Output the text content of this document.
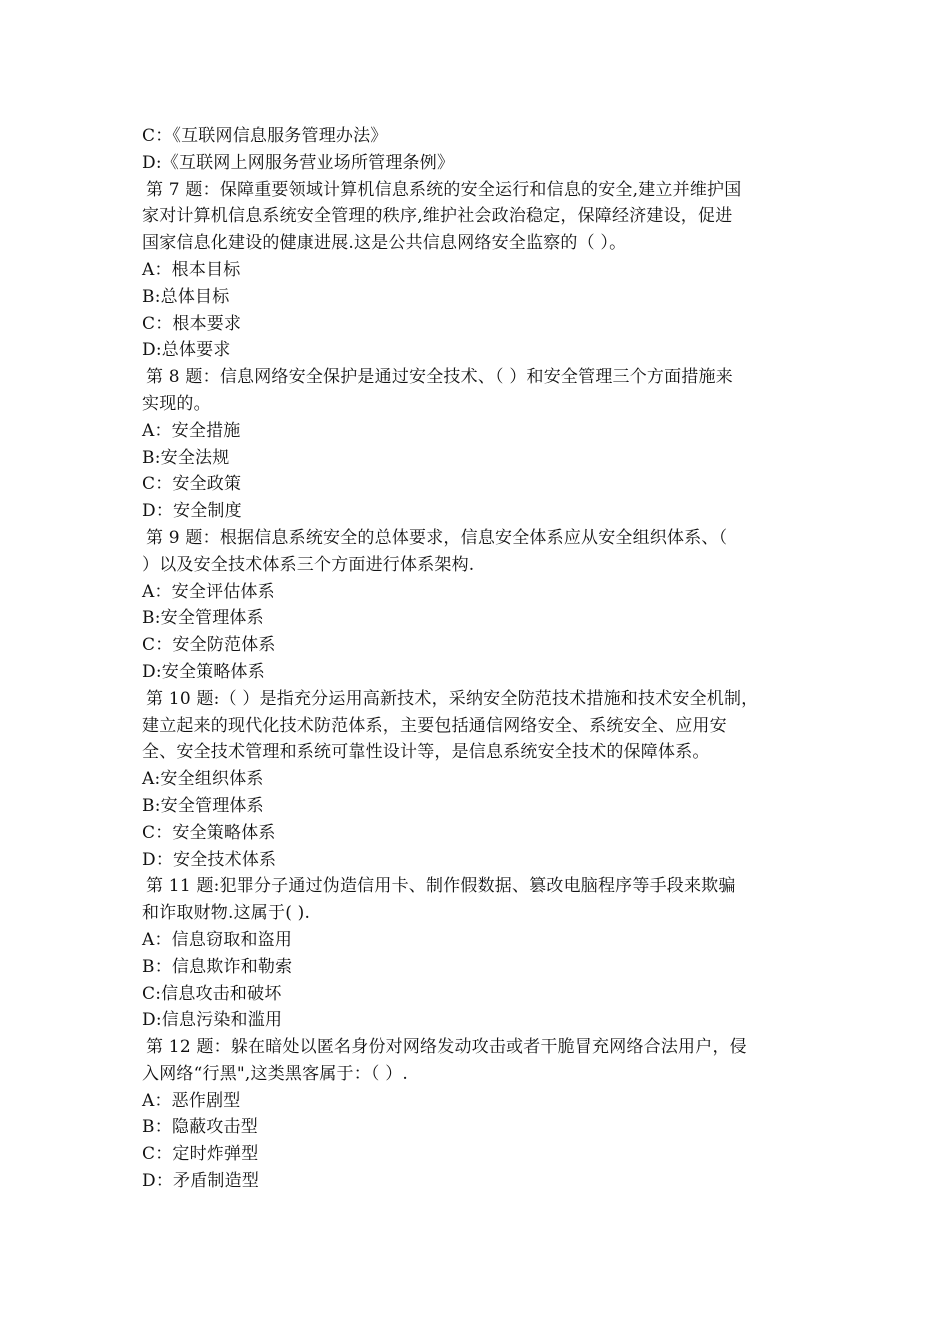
C：《互联网信息服务管理办法》
D:《互联网上网服务营业场所管理条例》
第 7 题：保障重要领域计算机信息系统的安全运行和信息的安全,建立并维护国
家对计算机信息系统安全管理的秩序,维护社会政治稳定，保障经济建设，促进
国家信息化建设的健康进展.这是公共信息网络安全监察的（ ）。
A：根本目标
B:总体目标
C：根本要求
D:总体要求
第 8 题：信息网络安全保护是通过安全技术、（ ）和安全管理三个方面措施来
实现的。
A：安全措施
B:安全法规
C：安全政策
D：安全制度
第 9 题：根据信息系统安全的总体要求，信息安全体系应从安全组织体系、（
）以及安全技术体系三个方面进行体系架构.
A：安全评估体系
B:安全管理体系
C：安全防范体系
D:安全策略体系
第 10 题:（ ）是指充分运用高新技术，采纳安全防范技术措施和技术安全机制，
建立起来的现代化技术防范体系，主要包括通信网络安全、系统安全、应用安
全、安全技术管理和系统可靠性设计等，是信息系统安全技术的保障体系。
A:安全组织体系
B:安全管理体系
C：安全策略体系
D：安全技术体系
第 11 题:犯罪分子通过伪造信用卡、制作假数据、篡改电脑程序等手段来欺骗
和诈取财物.这属于( ).
A：信息窃取和盗用
B：信息欺诈和勒索
C:信息攻击和破坏
D:信息污染和滥用
第 12 题：躲在暗处以匿名身份对网络发动攻击或者干脆冒充网络合法用户，侵
入网络“行黑",这类黑客属于：（ ）.
A：恶作剧型
B：隐蔽攻击型
C：定时炸弹型
D：矛盾制造型
